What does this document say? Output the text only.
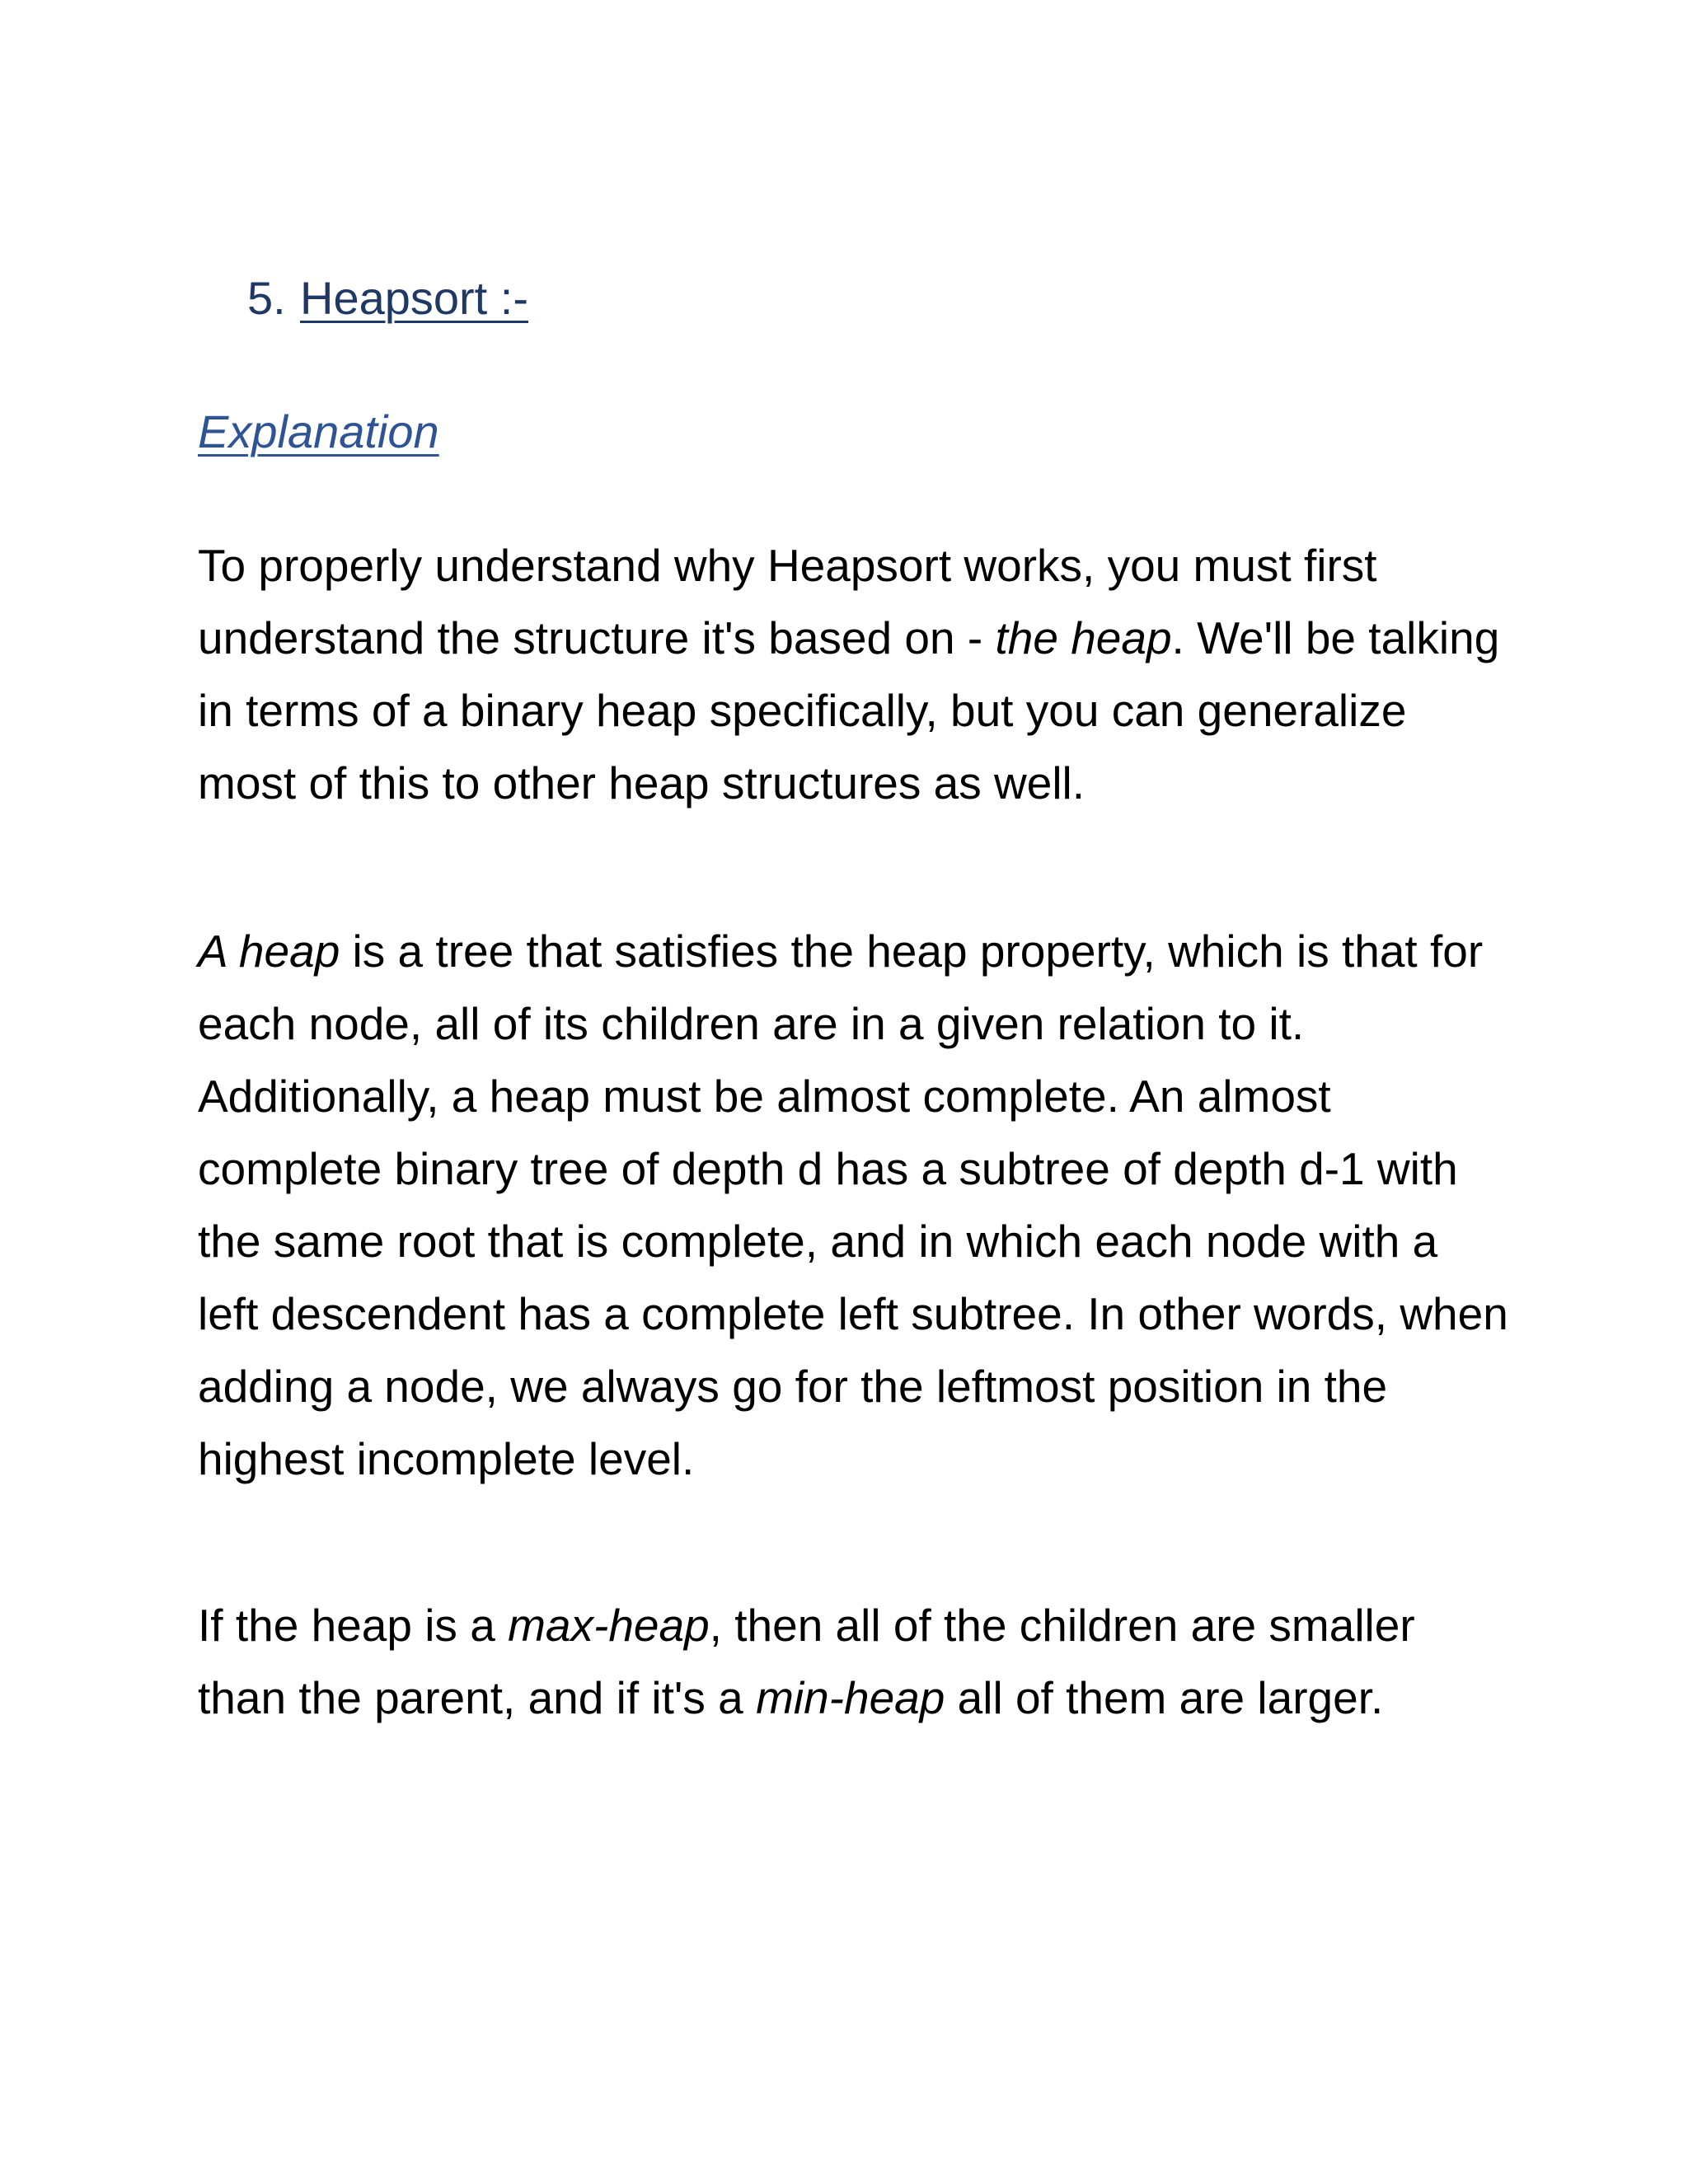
5. Heapsort :-
Explanation

To properly understand why Heapsort works, you must first understand the structure it's based on - the heap. We'll be talking in terms of a binary heap specifically, but you can generalize most of this to other heap structures as well.

A heap is a tree that satisfies the heap property, which is that for each node, all of its children are in a given relation to it. Additionally, a heap must be almost complete. An almost complete binary tree of depth d has a subtree of depth d-1 with the same root that is complete, and in which each node with a left descendent has a complete left subtree. In other words, when adding a node, we always go for the leftmost position in the highest incomplete level.

If the heap is a max-heap, then all of the children are smaller than the parent, and if it's a min-heap all of them are larger.
